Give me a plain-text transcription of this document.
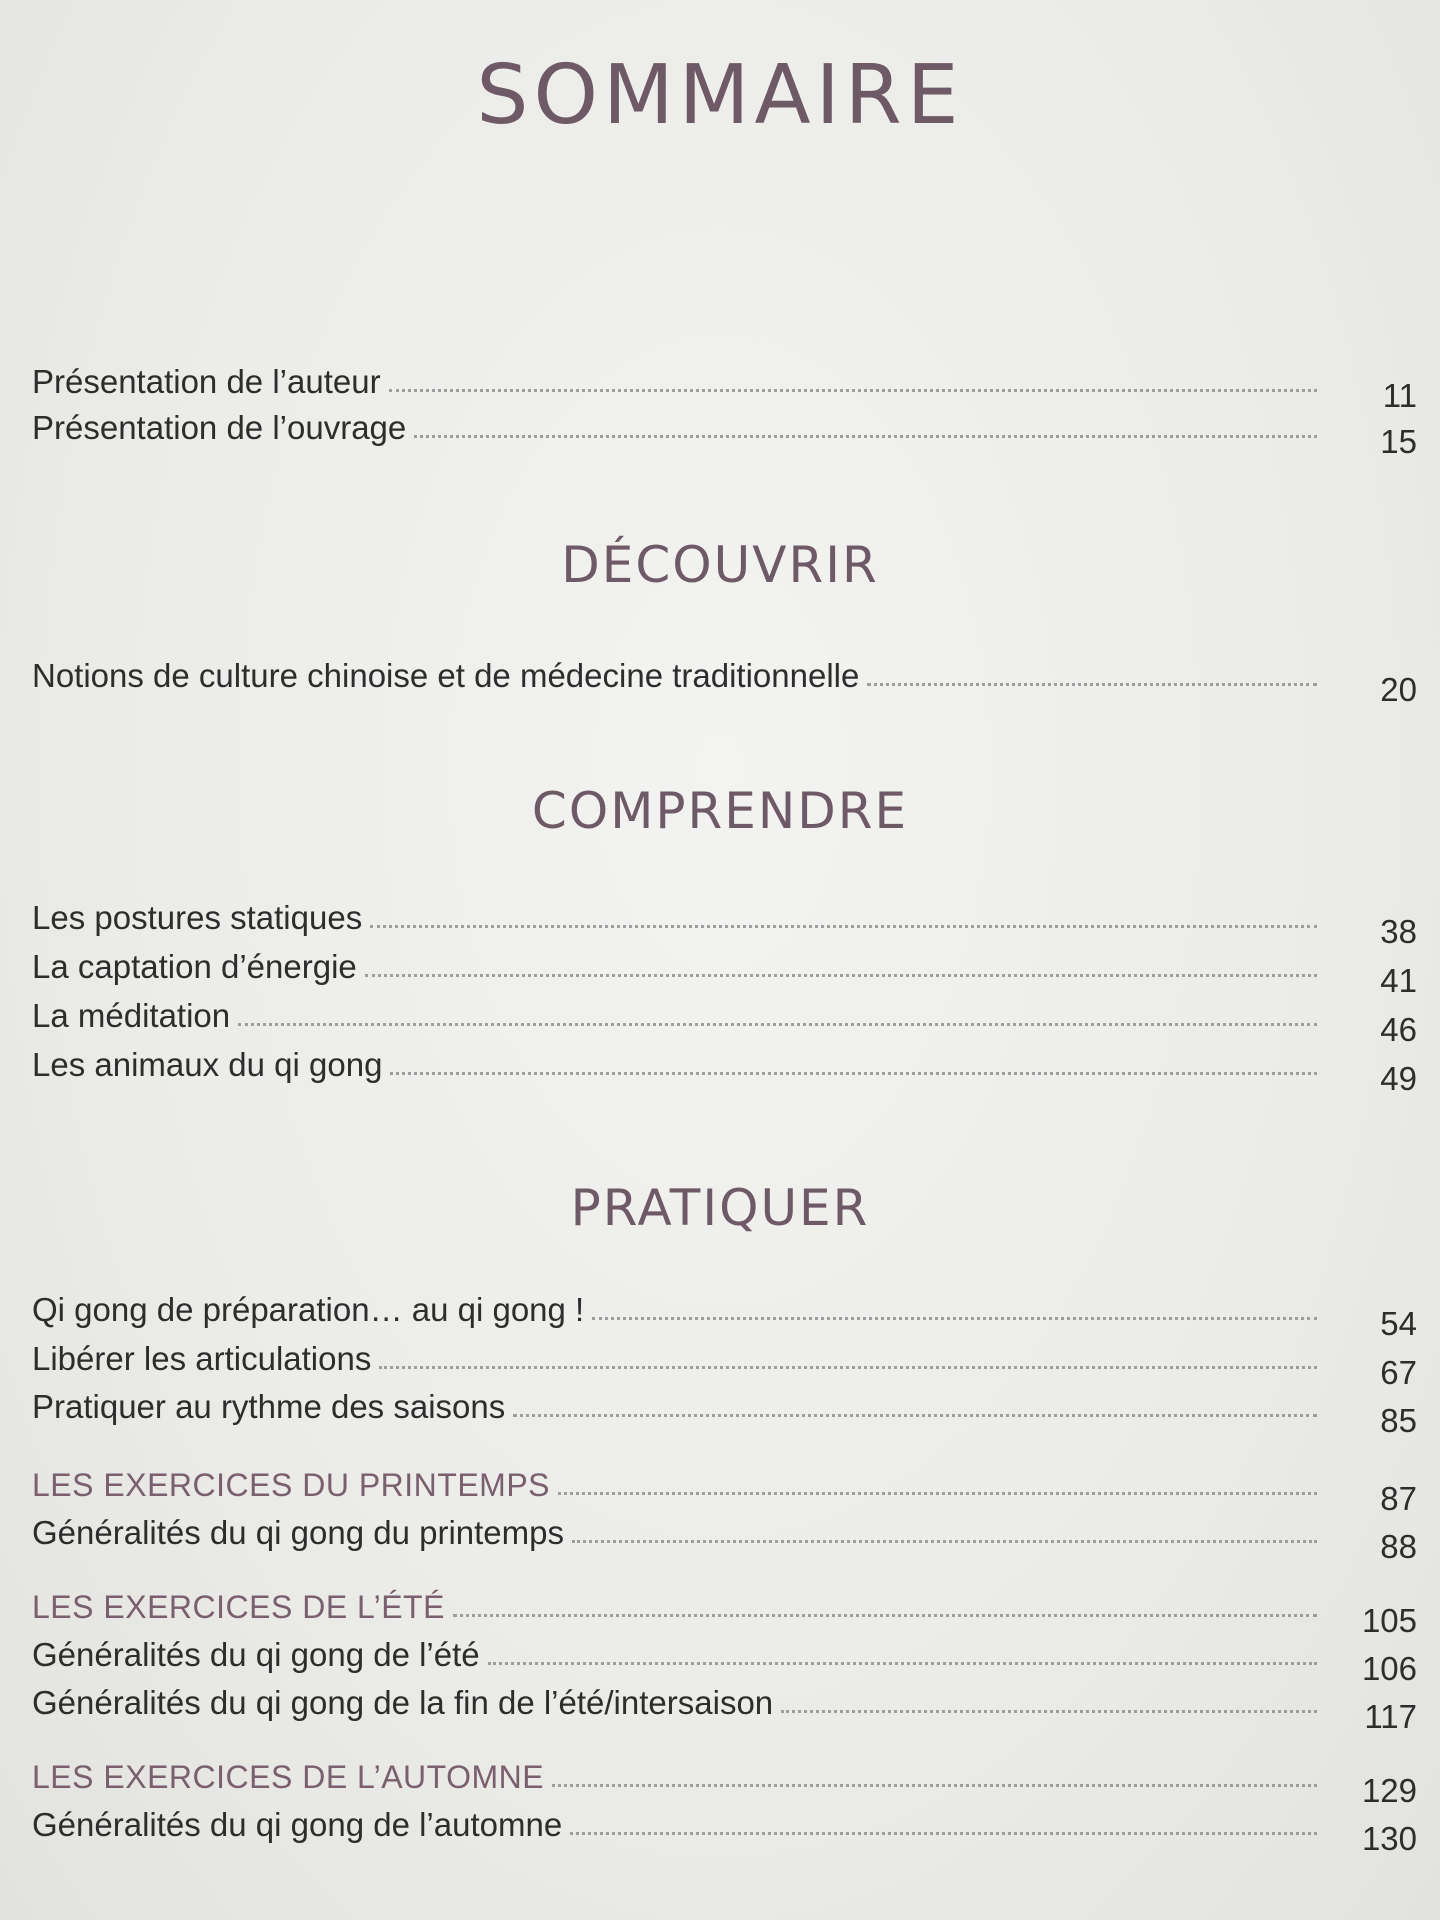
SOMMAIRE
Présentation de l’auteur	11
Présentation de l’ouvrage	15
DÉCOUVRIR
Notions de culture chinoise et de médecine traditionnelle	20
COMPRENDRE
Les postures statiques	38
La captation d’énergie	41
La méditation	46
Les animaux du qi gong	49
PRATIQUER
Qi gong de préparation… au qi gong !	54
Libérer les articulations	67
Pratiquer au rythme des saisons	85
LES EXERCICES DU PRINTEMPS	87
Généralités du qi gong du printemps	88
LES EXERCICES DE L’ÉTÉ	105
Généralités du qi gong de l’été	106
Généralités du qi gong de la fin de l’été/intersaison	117
LES EXERCICES DE L’AUTOMNE	129
Généralités du qi gong de l’automne	130
